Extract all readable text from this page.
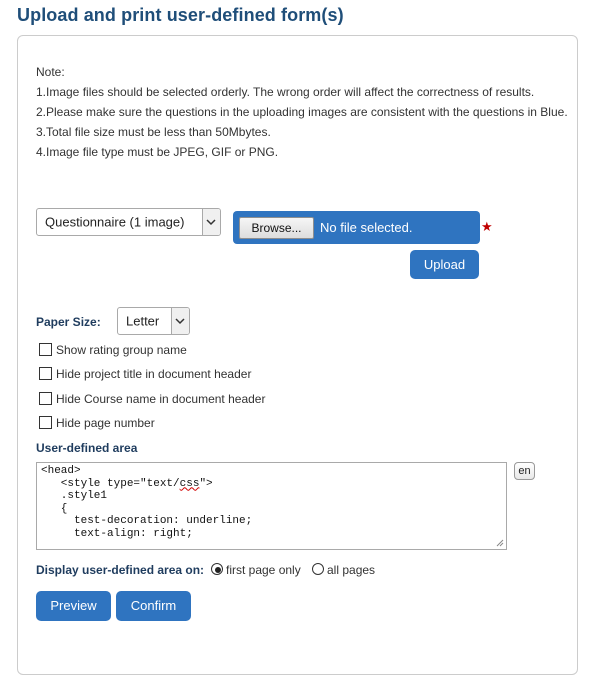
Upload and print user-defined form(s)
Note:
1.Image files should be selected orderly. The wrong order will affect the correctness of results.
2.Please make sure the questions in the uploading images are consistent with the questions in Blue.
3.Total file size must be less than 50Mbytes.
4.Image file type must be JPEG, GIF or PNG.
Questionnaire (1 image)	Browse...	No file selected.	★
Upload
Paper Size: Letter
Show rating group name
Hide project title in document header
Hide Course name in document header
Hide page number
User-defined area
<head>
<style type="text/css">
.style1
{
test-decoration: underline;
text-align: right;
en
Display user-defined area on: first page only all pages
Preview	Confirm
